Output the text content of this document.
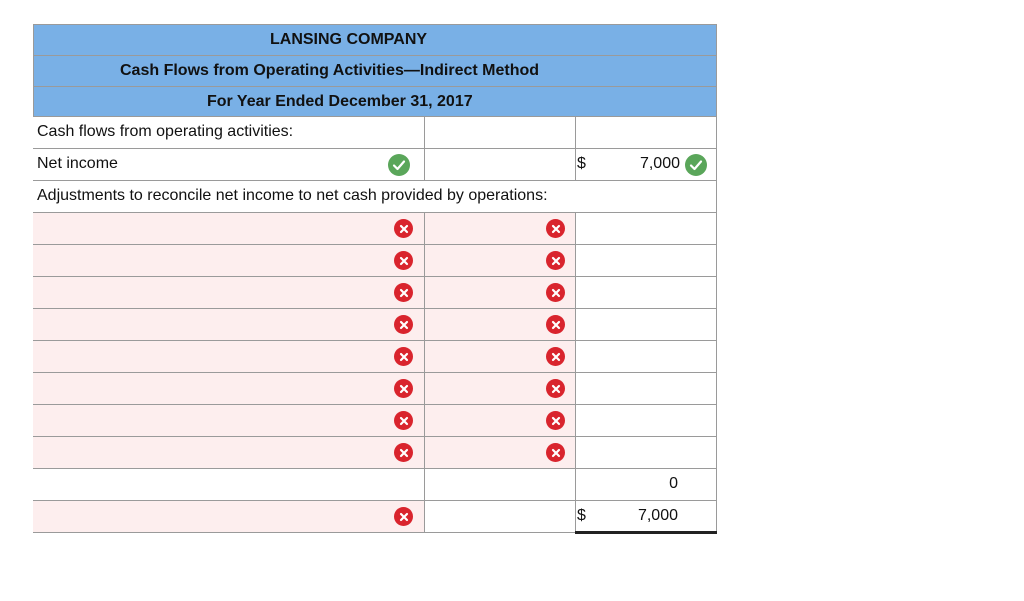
LANSING COMPANY
Cash Flows from Operating Activities—Indirect Method
For Year Ended December 31, 2017
Cash flows from operating activities:
Net income	7,000
$
Adjustments to reconcile net income to net cash provided by operations:
0
7,000
$
